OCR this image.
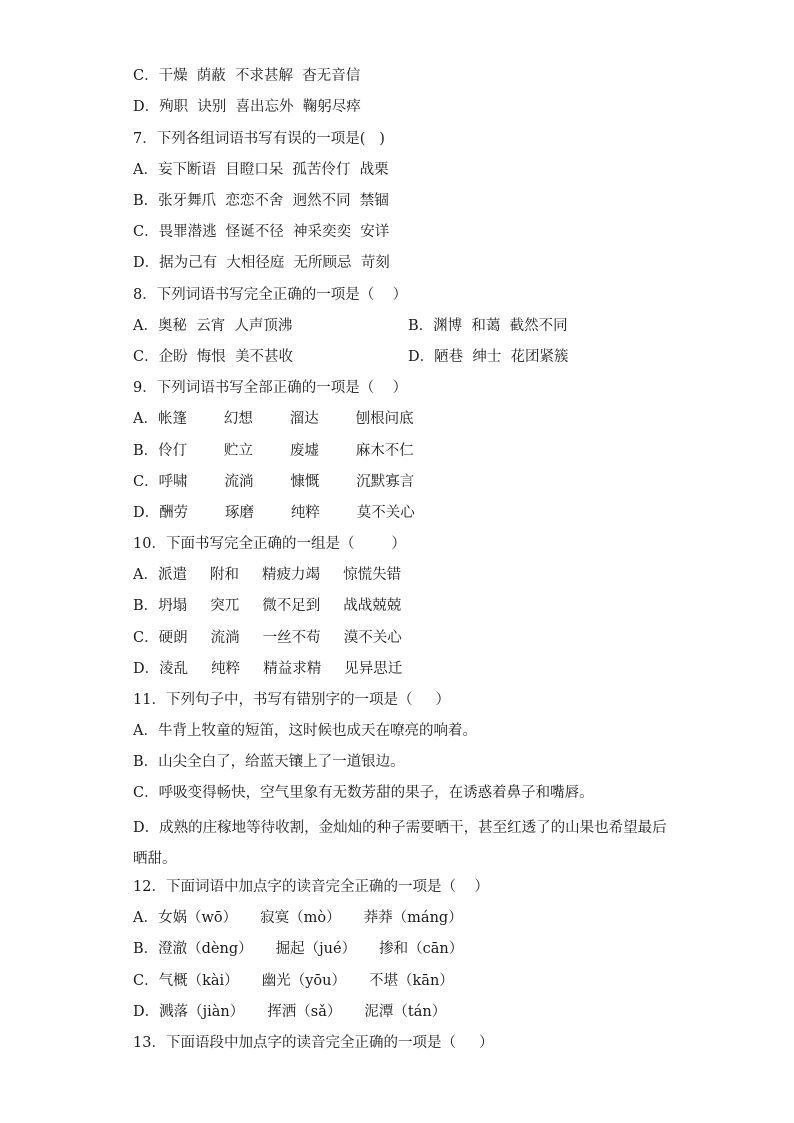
C．干燥  荫蔽  不求甚解  杳无音信
D．殉职  诀别  喜出忘外  鞠躬尽瘁
7．下列各组词语书写有误的一项是(   )
A．妄下断语  目瞪口呆  孤苦伶仃  战栗
B．张牙舞爪  恋恋不舍  迥然不同  禁锢
C．畏罪潜逃  怪诞不径  神采奕奕  安详
D．据为己有  大相径庭  无所顾忌  苛刻
8．下列词语书写完全正确的一项是（    ）
A．奥秘  云宵  人声顶沸	B．渊博  和蔼  截然不同
C．企盼  悔恨  美不甚收	D．陋巷  绅士  花团紧簇
9．下列词语书写全部正确的一项是（    ）
A．帐篷        幻想        溜达        刨根问底
B．伶仃        贮立        废墟        麻木不仁
C．呼啸        流淌        慷慨        沉默寡言
D．酬劳        琢磨        纯粹        莫不关心
10．下面书写完全正确的一组是（        ）
A．派遣     附和     精疲力竭     惊慌失错
B．坍塌     突兀     微不足到     战战兢兢
C．硬朗     流淌     一丝不苟     漠不关心
D．淩乱     纯粹     精益求精     见异思迁
11．下列句子中，书写有错别字的一项是（     ）
A．牛背上牧童的短笛，这时候也成天在嘹亮的响着。
B．山尖全白了，给蓝天镶上了一道银边。
C．呼吸变得畅快，空气里象有无数芳甜的果子，在诱惑着鼻子和嘴唇。
D．成熟的庄稼地等待收割，金灿灿的种子需要晒干，甚至红透了的山果也希望最后晒甜。
12．下面词语中加点字的读音完全正确的一项是（    ）
A．女娲（wō）     寂寞（mò）     莽莽（máng）
B．澄澈（dèng）     掘起（jué）     掺和（cān）
C．气概（kài）     幽光（yōu）     不堪（kān）
D．溅落（jiàn）     挥洒（sǎ）     泥潭（tán）
13．下面语段中加点字的读音完全正确的一项是（     ）
